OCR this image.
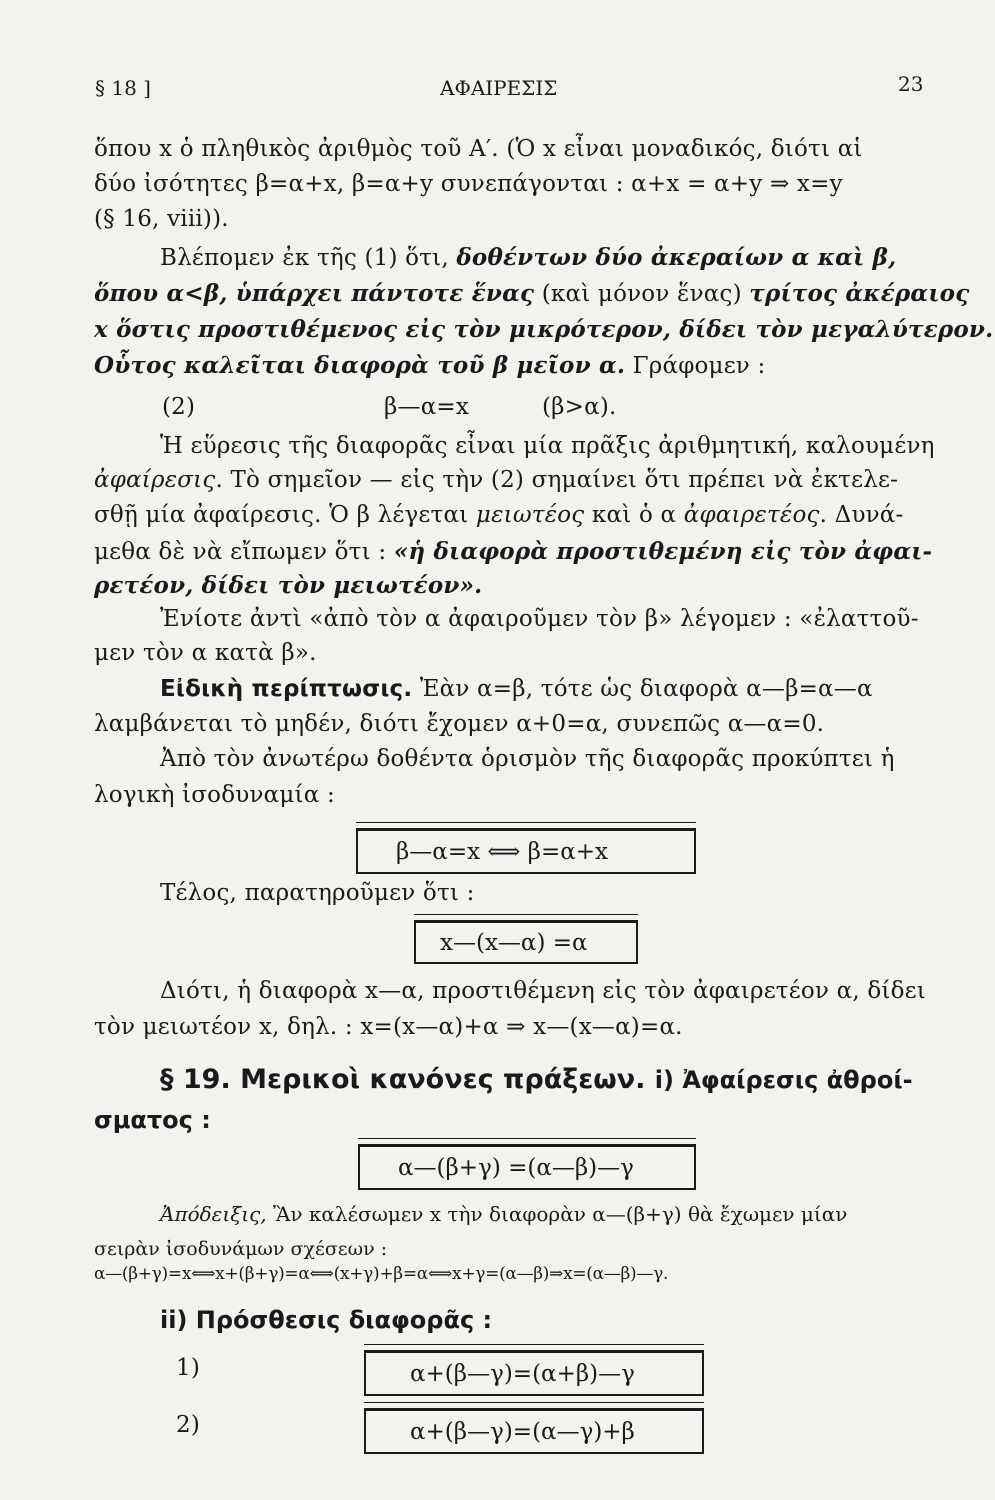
§ 18 ]	ΑΦΑΙΡΕΣΙΣ	23
ὅπου x ὁ πληθικὸς ἀριθμὸς τοῦ Α′. (Ὁ x εἶναι μοναδικός, διότι αἱ
δύο ἰσότητες β=α+x, β=α+y συνεπάγονται : α+x = α+y ⇒ x=y
(§ 16, viii)).
Βλέπομεν ἐκ τῆς (1) ὅτι, δοθέντων δύο ἀκεραίων α καὶ β,
ὅπου α<β, ὑπάρχει πάντοτε ἕνας (καὶ μόνον ἕνας) τρίτος ἀκέραιος
x ὅστις προστιθέμενος εἰς τὸν μικρότερον, δίδει τὸν μεγαλύτερον.
Οὗτος καλεῖται διαφορὰ τοῦ β μεῖον α. Γράφομεν :
(2)	β—α=x	(β>α).
Ἡ εὕρεσις τῆς διαφορᾶς εἶναι μία πρᾶξις ἀριθμητική, καλουμένη
ἀφαίρεσις. Τὸ σημεῖον — εἰς τὴν (2) σημαίνει ὅτι πρέπει νὰ ἐκτελε-
σθῇ μία ἀφαίρεσις. Ὁ β λέγεται μειωτέος καὶ ὁ α ἀφαιρετέος. Δυνά-
μεθα δὲ νὰ εἴπωμεν ὅτι : «ἡ διαφορὰ προστιθεμένη εἰς τὸν ἀφαι-
ρετέον, δίδει τὸν μειωτέον».
Ἐνίοτε ἀντὶ «ἀπὸ τὸν α ἀφαιροῦμεν τὸν β» λέγομεν : «ἐλαττοῦ-
μεν τὸν α κατὰ β».
Εἰδικὴ περίπτωσις. Ἐὰν α=β, τότε ὡς διαφορὰ α—β=α—α
λαμβάνεται τὸ μηδέν, διότι ἔχομεν α+0=α, συνεπῶς α—α=0.
Ἀπὸ τὸν ἀνωτέρω δοθέντα ὁρισμὸν τῆς διαφορᾶς προκύπτει ἡ
λογικὴ ἰσοδυναμία :
β—α=x ⟺ β=α+x
Τέλος, παρατηροῦμεν ὅτι :
x—(x—α) =α
Διότι, ἡ διαφορὰ x—α, προστιθέμενη εἰς τὸν ἀφαιρετέον α, δίδει
τὸν μειωτέον x, δηλ. : x=(x—α)+α ⇒ x—(x—α)=α.
§ 19. Μερικοὶ κανόνες πράξεων. i) Ἀφαίρεσις ἀθροί-
σματος :
α—(β+γ) =(α—β)—γ
Ἀπόδειξις, Ἂν καλέσωμεν x τὴν διαφορὰν α—(β+γ) θὰ ἔχωμεν μίαν
σειρὰν ἰσοδυνάμων σχέσεων :
α—(β+γ)=x⟺x+(β+γ)=α⟺(x+γ)+β=α⟺x+γ=(α—β)⇒x=(α—β)—γ.
ii) Πρόσθεσις διαφορᾶς :
1)	α+(β—γ)=(α+β)—γ
2)	α+(β—γ)=(α—γ)+β
